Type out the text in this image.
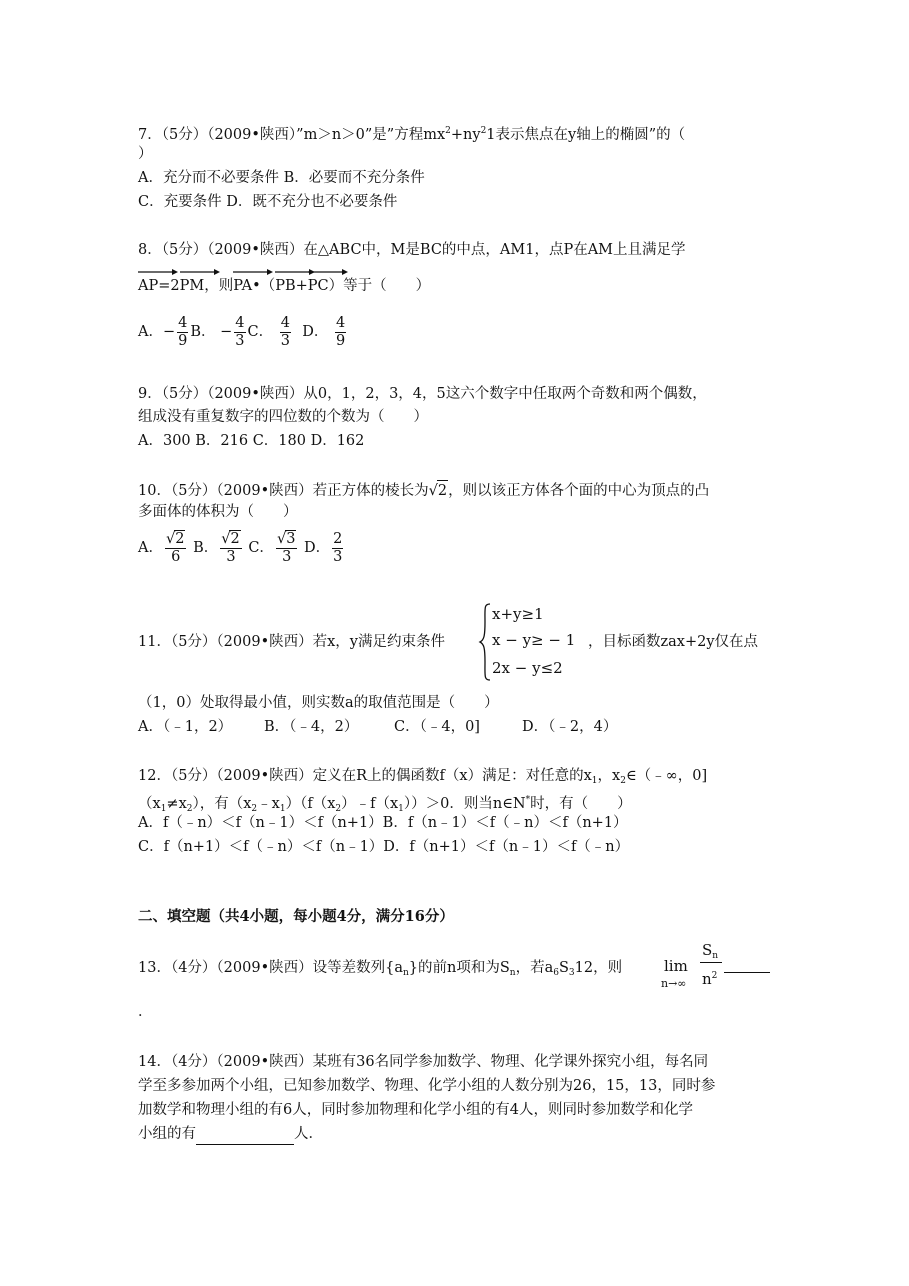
7．（5分）（2009•陕西）”m＞n＞0”是”方程$mx^2+ny^21$表示焦点在y轴上的椭圆”的（
）
A．充分而不必要条件 B．必要而不充分条件
C．充要条件 D．既不充分也不必要条件
8．（5分）（2009•陕西）在△ABC中，M是BC的中点，AM1，点P在AM上且满足学
AP=2
PM，则
PA•（
PB+
PC）等于（　　）
A．− $\frac{4}{9}$ B． − $\frac{4}{3}$ C． $\frac{4}{3}$ D． $\frac{4}{9}$
9．（5分）（2009•陕西）从0，1，2，3，4，5这六个数字中任取两个奇数和两个偶数，
组成没有重复数字的四位数的个数为（　　）
A．300 B．216 C．180 D．162
10．（5分）（2009•陕西）若正方体的棱长为√2，则以该正方体各个面的中心为顶点的凸
多面体的体积为（　　）
A． $\frac{√2}{6}$ B． $\frac{√2}{3}$ C． $\frac{√3}{3}$ D． $\frac{2}{3}$
11．（5分）（2009•陕西）若x，y满足约束条件
x+y≥1
x − y≥ − 1
2x − y≤2
，目标函数zax+2y仅在点
（1，0）处取得最小值，则实数a的取值范围是（　　）
A．（﹣1，2） B．（﹣4，2） C．（﹣4，0]	D．（﹣2，4）
12．（5分）（2009•陕西）定义在R上的偶函数f（x）满足：对任意的$x_1$，$x_2\in(﹣\infty$，0]
$(x_1\ne x_2)$，有$(x_2﹣x_1)(f(x_2)﹣f(x_1))>0$．则当n∈N*时，有（　　）
A．f（﹣n）＜f（n﹣1）＜f（n+1）B．f（n﹣1）＜f（﹣n）＜f（n+1）
C．f（n+1）＜f（﹣n）＜f（n﹣1）D．f（n+1）＜f（n﹣1）＜f（﹣n）
二、填空题（共4小题，每小题4分，满分16分）
13．（4分）（2009•陕西）设等差数列$\{a_n\}$的前n项和为$S_n$，若$a_6S_312$，则	lim
n→∞
$S_n$
$n^2$
．
14．（4分）（2009•陕西）某班有36名同学参加数学、物理、化学课外探究小组，每名同
学至多参加两个小组，已知参加数学、物理、化学小组的人数分别为26，15，13，同时参
加数学和物理小组的有6人，同时参加物理和化学小组的有4人，则同时参加数学和化学
小组的有	人．
